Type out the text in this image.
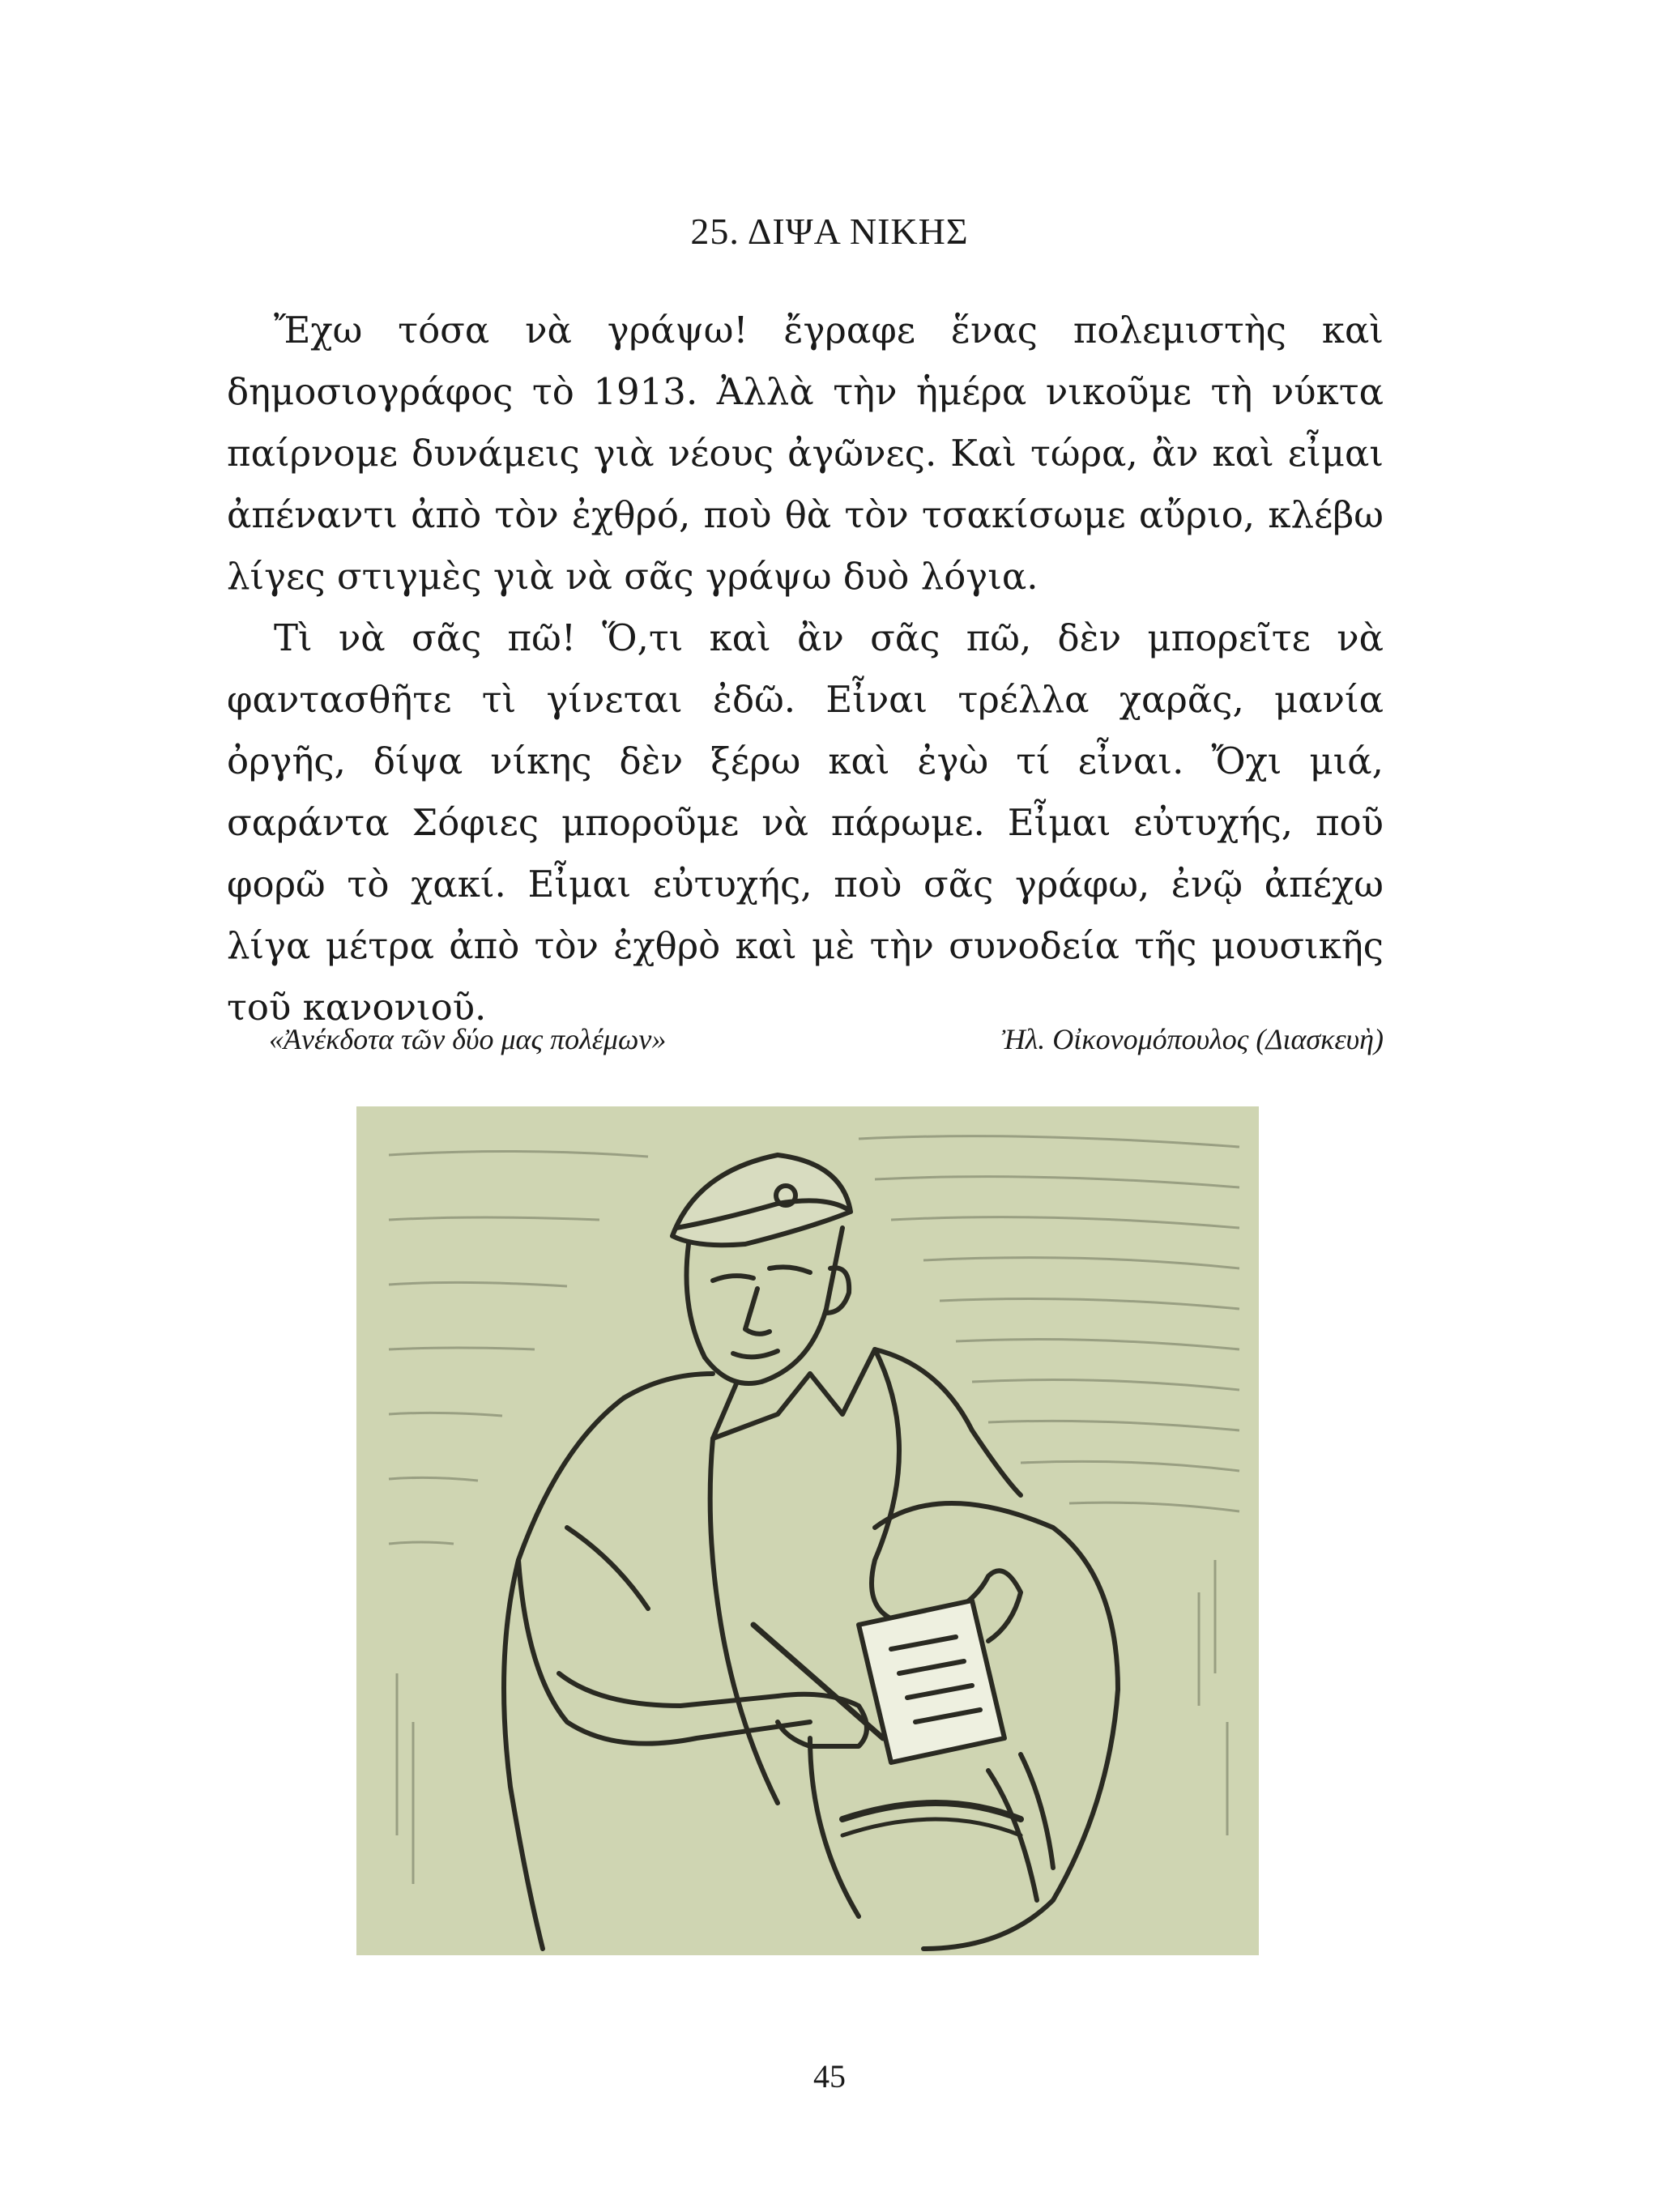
25. ΔΙΨΑ ΝΙΚΗΣ

Ἔχω τόσα νὰ γράψω! ἔγραφε ἕνας πολεμιστὴς καὶ δημοσιογράφος τὸ 1913. Ἀλλὰ τὴν ἡμέρα νικοῦμε τὴ νύκτα παίρνομε δυνάμεις γιὰ νέους ἀγῶνες. Καὶ τώρα, ἂν καὶ εἶμαι ἀπέναντι ἀπὸ τὸν ἐχθρό, ποὺ θὰ τὸν τσακίσωμε αὔριο, κλέβω λίγες στιγμὲς γιὰ νὰ σᾶς γράψω δυὸ λόγια.

Τὶ νὰ σᾶς πῶ! Ὅ,τι καὶ ἂν σᾶς πῶ, δὲν μπορεῖτε νὰ φαντασθῆτε τὶ γίνεται ἐδῶ. Εἶναι τρέλλα χαρᾶς, μανία ὀργῆς, δίψα νίκης δὲν ξέρω καὶ ἐγὼ τί εἶναι. Ὄχι μιά, σαράντα Σόφιες μποροῦμε νὰ πάρωμε. Εἶμαι εὐτυχής, ποῦ φορῶ τὸ χακί. Εἶμαι εὐτυχής, ποὺ σᾶς γράφω, ἐνῷ ἀπέχω λίγα μέτρα ἀπὸ τὸν ἐχθρὸ καὶ μὲ τὴν συνοδεία τῆς μουσικῆς τοῦ κανονιοῦ.

«Ἀνέκδοτα τῶν δύο μας πολέμων»	Ἠλ. Οἰκονομόπουλος (Διασκευὴ)
45
